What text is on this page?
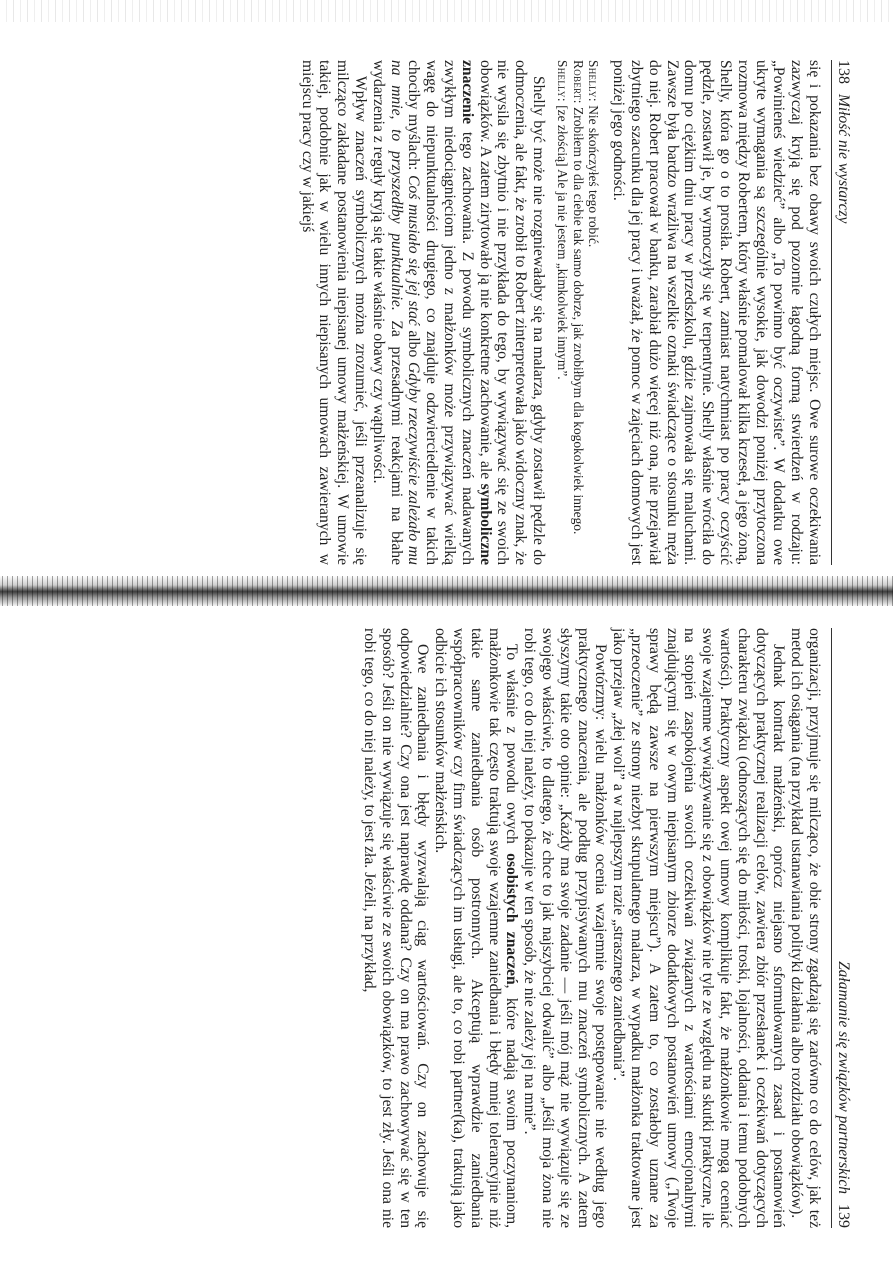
138
Miłość nie wystarczy

się i pokazania bez obawy swoich czułych miejsc. Owe surowe oczekiwania zazwyczaj kryją się pod pozornie łagodną formą stwierdzeń w rodzaju: „Powinieneś wiedzieć” albo „To powinno być oczywiste”. W dodatku owe ukryte wymagania są szczególnie wysokie, jak dowodzi poniżej przytoczona rozmowa między Robertem, który właśnie pomalował kilka krzeseł, a jego żoną, Shelly, która go o to prosiła. Robert, zamiast natychmiast po pracy oczyścić pędzle, zostawił je, by wymoczyły się w terpentynie. Shelly właśnie wróciła do domu po ciężkim dniu pracy w przedszkolu, gdzie zajmowała się maluchami. Zawsze była bardzo wrażliwa na wszelkie oznaki świadczące o stosunku męża do niej. Robert pracował w banku, zarabiał dużo więcej niż ona, nie przejawiał zbytniego szacunku dla jej pracy i uważał, że pomoc w zajęciach domowych jest poniżej jego godności.

Shelly: Nie skończyłeś tego robić.

Robert: Zrobiłem to dla ciebie tak samo dobrze, jak zrobiłbym dla kogokolwiek innego.

Shelly: [ze złością] Ale ja nie jestem „kimkolwiek innym”.

Shelly być może nie rozgniewałaby się na malarza, gdyby zostawił pędzle do odmoczenia, ale fakt, że zrobił to Robert zinterpretowała jako widoczny znak, że nie wysila się zbytnio i nie przykłada do tego, by wywiązywać się ze swoich obowiązków. A zatem zirytowało ją nie konkretne zachowanie, ale symboliczne znaczenie tego zachowania. Z powodu symbolicznych znaczeń nadawanych zwykłym niedociągnięciom jedno z małżonków może przywiązywać wielką wagę do niepunktualności drugiego, co znajduje odzwierciedlenie w takich chociby myślach: Coś musiało się jej stać albo Gdyby rzeczywiście zależało mu na mnie, to przyszedłby punktualnie. Za przesadnymi reakcjami na błahe wydarzenia z reguły kryją się takie właśnie obawy czy wątpliwości.

Wpływ znaczeń symbolicznych można zrozumieć, jeśli przeanalizuje się milcząco zakładane postanowienia niepisanej umowy małżeńskiej. W umowie takiej, podobnie jak w wielu innych niepisanych umowach zawieranych w miejscu pracy czy w jakiejś

Załamanie się związków partnerskich
139

organizacji, przyjmuje się milcząco, że obie strony zgadzają się zarówno co do celów, jak też metod ich osiągania (na przykład ustanawiania polityki działania albo rozdziału obowiązków).

Jednak kontrakt małżeński, oprócz niejasno sformułowanych zasad i postanowień dotyczących praktycznej realizacji celów, zawiera zbiór przesłanek i oczekiwań dotyczących charakteru związku (odnoszących się do miłości, troski, lojalności, oddania i temu podobnych wartości). Praktyczny aspekt owej umowy komplikuje fakt, że małżonkowie mogą oceniać swoje wzajemne wywiązywanie się z obowiązków nie tyle ze względu na skutki praktyczne, ile na stopień zaspokojenia swoich oczekiwań związanych z wartościami emocjonalnymi znajdującymi się w owym niepisanym zbiorze dodatkowych postanowień umowy („Twoje sprawy będą zawsze na pierwszym miejscu”). A zatem to, co zostałoby uznane za „przeoczenie” ze strony niezbyt skrupulatnego malarza, w wypadku małżonka traktowane jest jako przejaw „złej woli” a w najlepszym razie „strasznego zaniedbania”.

Powtórzmy: wielu małżonków ocenia wzajemnie swoje postępowanie nie według jego praktycznego znaczenia, ale podług przypisywanych mu znaczeń symbolicznych. A zatem słyszymy takie oto opinie: „Każdy ma swoje zadanie — jeśli mój mąż nie wywiązuje się ze swojego właściwie, to dlatego, że chce to jak najszybciej odwalić” albo „Jeśli moja żona nie robi tego, co do niej należy, to pokazuje w ten sposób, że nie zależy jej na mnie”.

To właśnie z powodu owych osobistych znaczeń, które nadają swoim poczynaniom, małżonkowie tak często traktują swoje wzajemne zaniedbania i błędy mniej tolerancyjnie niż takie same zaniedbania osób postronnych. Akceptują wprawdzie zaniedbania współpracowników czy firm świadczących im usługi, ale to, co robi partner(ka), traktują jako odbicie ich stosunków małżeńskich.

Owe zaniedbania i błędy wyzwalają ciąg wartościowań. Czy on zachowuje się odpowiedzialnie? Czy ona jest naprawdę oddana? Czy on ma prawo zachowywać się w ten sposób? Jeśli on nie wywiązuje się właściwie ze swoich obowiązków, to jest zły. Jeśli ona nie robi tego, co do niej należy, to jest zła. Jeżeli, na przykład,
